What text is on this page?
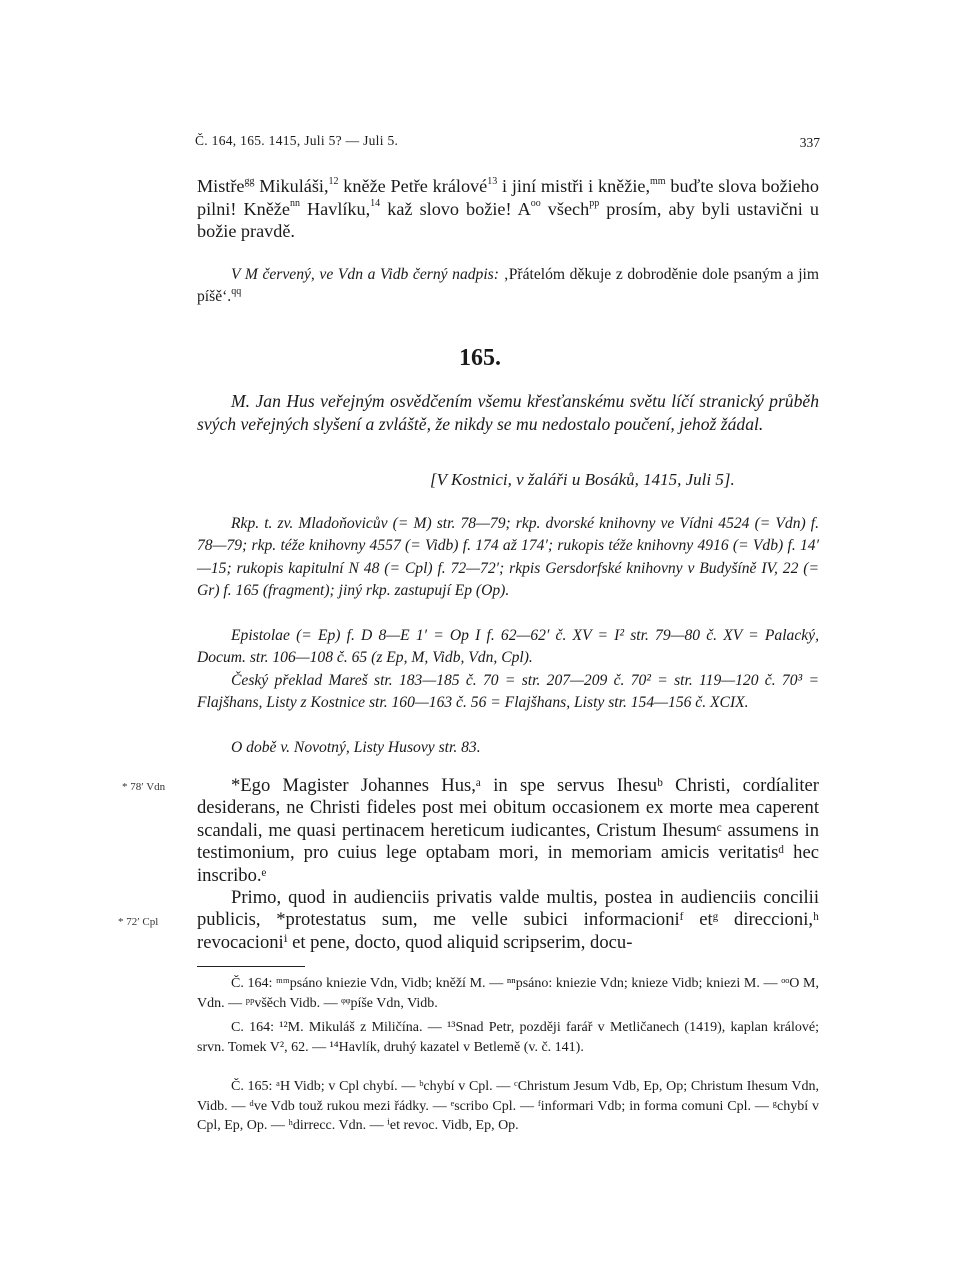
Č. 164, 165. 1415, Juli 5? — Juli 5.	337
Mistře$^{gg}$ Mikuláši,$^{12}$ kněže Petře králové$^{13}$ i jiní mistři i kněžie,$^{mm}$ buďte slova božieho pilni! Kněže$^{nn}$ Havlíku,$^{14}$ kaž slovo božie! $A^{oo}$ všech$^{pp}$ prosím, aby byli ustavični u božie pravdě.
V M červený, ve Vdn a Vidb černý nadpis: ‚Přátelóm děkuje z dobroděnie dole psaným a jim píšě‘.$^{qq}$
165.
M. Jan Hus veřejným osvědčením všemu křesťanskému světu líčí stranický průběh svých veřejných slyšení a zvláště, že nikdy se mu nedostalo poučení, jehož žádal.
[V Kostnici, v žaláři u Bosáků, 1415, Juli 5].
Rkp. t. zv. Mladoňovicův (= M) str. 78—79; rkp. dvorské knihovny ve Vídni 4524 (= Vdn) f. 78—79; rkp. téže knihovny 4557 (= Vidb) f. 174 až 174′; rukopis téže knihovny 4916 (= Vdb) f. 14′—15; rukopis kapitulní N 48 (= Cpl) f. 72—72′; rkpis Gersdorfské knihovny v Budyšíně IV, 22 (= Gr) f. 165 (fragment); jiný rkp. zastupují Ep (Op).
Epistolae (= Ep) f. D 8—E 1′ = Op I f. 62—62′ č. XV = I² str. 79—80 č. XV = Palacký, Docum. str. 106—108 č. 65 (z Ep, M, Vidb, Vdn, Cpl).
Český překlad Mareš str. 183—185 č. 70 = str. 207—209 č. 70² = str. 119—120 č. 70³ = Flajšhans, Listy z Kostnice str. 160—163 č. 56 = Flajšhans, Listy str. 154—156 č. XCIX.
O době v. Novotný, Listy Husovy str. 83.
* 78′ Vdn
* 72′ Cpl
*Ego Magister Johannes Hus,ᵃ in spe servus Ihesuᵇ Christi, cordíaliter desiderans, ne Christi fideles post mei obitum occasionem ex morte mea caperent scandali, me quasi pertinacem hereticum iudicantes, Cristum Ihesumᶜ assumens in testimonium, pro cuius lege optabam mori, in memoriam amicis veritatisᵈ hec inscribo.ᵉ
Primo, quod in audienciis privatis valde multis, postea in audienciis concilii publicis, *protestatus sum, me velle subici informacioniᶠ etᵍ direccioni,ʰ revocacioniⁱ et pene, docto, quod aliquid scripserim, docu-
Č. 164: ᵐᵐpsáno kniezie Vdn, Vidb; kněží M. — ⁿⁿpsáno: kniezie Vdn; knieze Vidb; kniezi M. — ᵒᵒO M, Vdn. — ᵖᵖvšěch Vidb. — ᵠᵠpíše Vdn, Vidb.
C. 164: ¹²M. Mikuláš z Miličína. — ¹³Snad Petr, později farář v Metličanech (1419), kaplan králové; srvn. Tomek V², 62. — ¹⁴Havlík, druhý kazatel v Betlemě (v. č. 141).
Č. 165: ᵃH Vidb; v Cpl chybí. — ᵇchybí v Cpl. — ᶜChristum Jesum Vdb, Ep, Op; Christum Ihesum Vdn, Vidb. — ᵈve Vdb touž rukou mezi řádky. — ᵉscribo Cpl. — ᶠinformari Vdb; in forma comuni Cpl. — ᵍchybí v Cpl, Ep, Op. — ʰdirrecc. Vdn. — ⁱet revoc. Vidb, Ep, Op.
